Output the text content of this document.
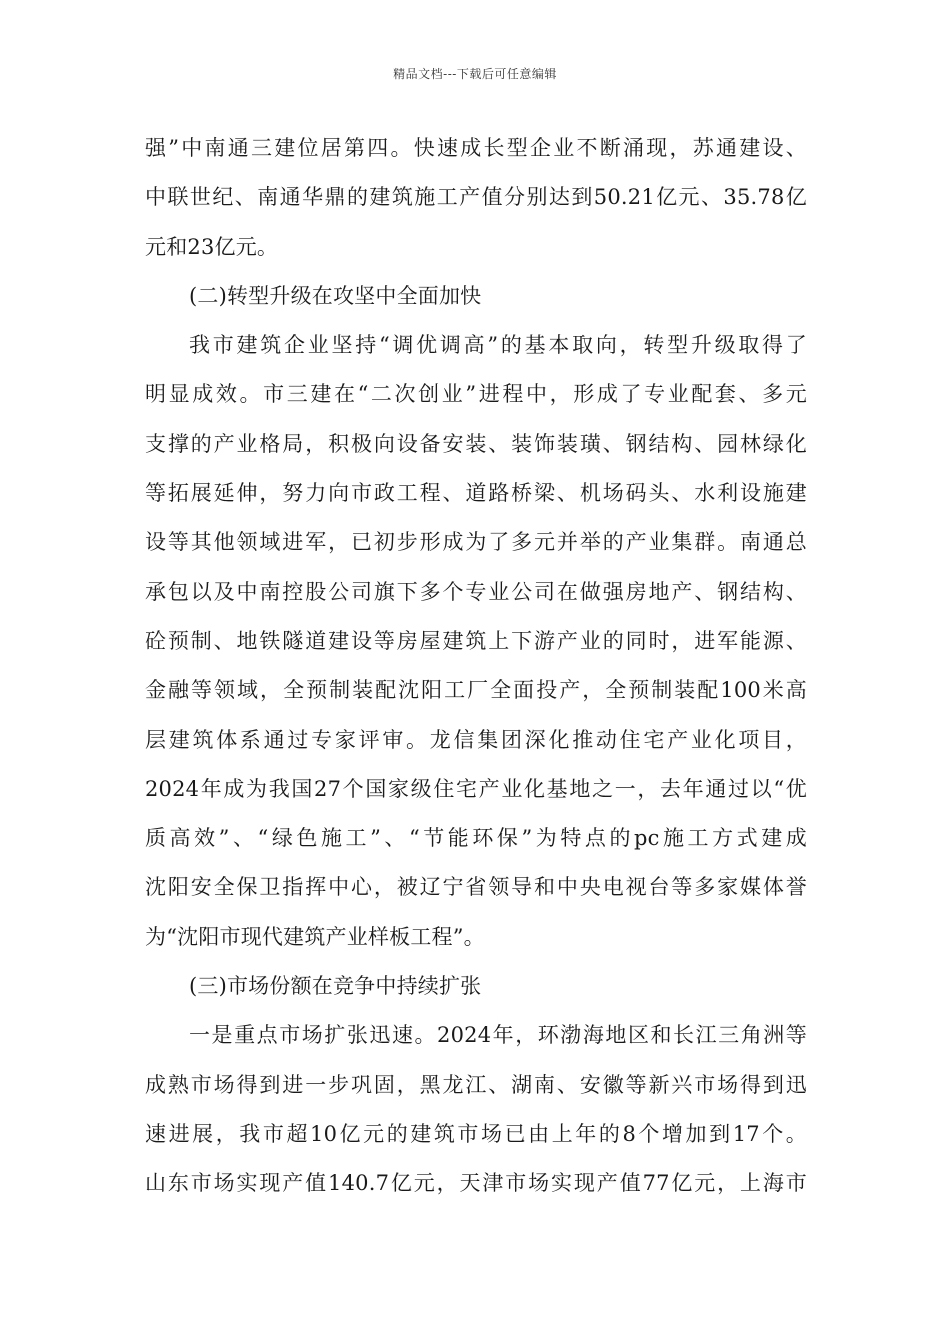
精品文档---下载后可任意编辑
强”中南通三建位居第四。快速成长型企业不断涌现，苏通建设、
中联世纪、南通华鼎的建筑施工产值分别达到50.21亿元、35.78亿
元和23亿元。
(二)转型升级在攻坚中全面加快
我市建筑企业坚持“调优调高”的基本取向，转型升级取得了
明显成效。市三建在“二次创业”进程中，形成了专业配套、多元
支撑的产业格局，积极向设备安装、装饰装璜、钢结构、园林绿化
等拓展延伸，努力向市政工程、道路桥梁、机场码头、水利设施建
设等其他领域进军，已初步形成为了多元并举的产业集群。南通总
承包以及中南控股公司旗下多个专业公司在做强房地产、钢结构、
砼预制、地铁隧道建设等房屋建筑上下游产业的同时，进军能源、
金融等领域，全预制装配沈阳工厂全面投产，全预制装配100米高
层建筑体系通过专家评审。龙信集团深化推动住宅产业化项目，
2024年成为我国27个国家级住宅产业化基地之一，去年通过以“优
质高效”、“绿色施工”、“节能环保”为特点的pc施工方式建成
沈阳安全保卫指挥中心，被辽宁省领导和中央电视台等多家媒体誉
为“沈阳市现代建筑产业样板工程”。
(三)市场份额在竞争中持续扩张
一是重点市场扩张迅速。2024年，环渤海地区和长江三角洲等
成熟市场得到进一步巩固，黑龙江、湖南、安徽等新兴市场得到迅
速进展，我市超10亿元的建筑市场已由上年的8个增加到17个。
山东市场实现产值140.7亿元，天津市场实现产值77亿元，上海市
